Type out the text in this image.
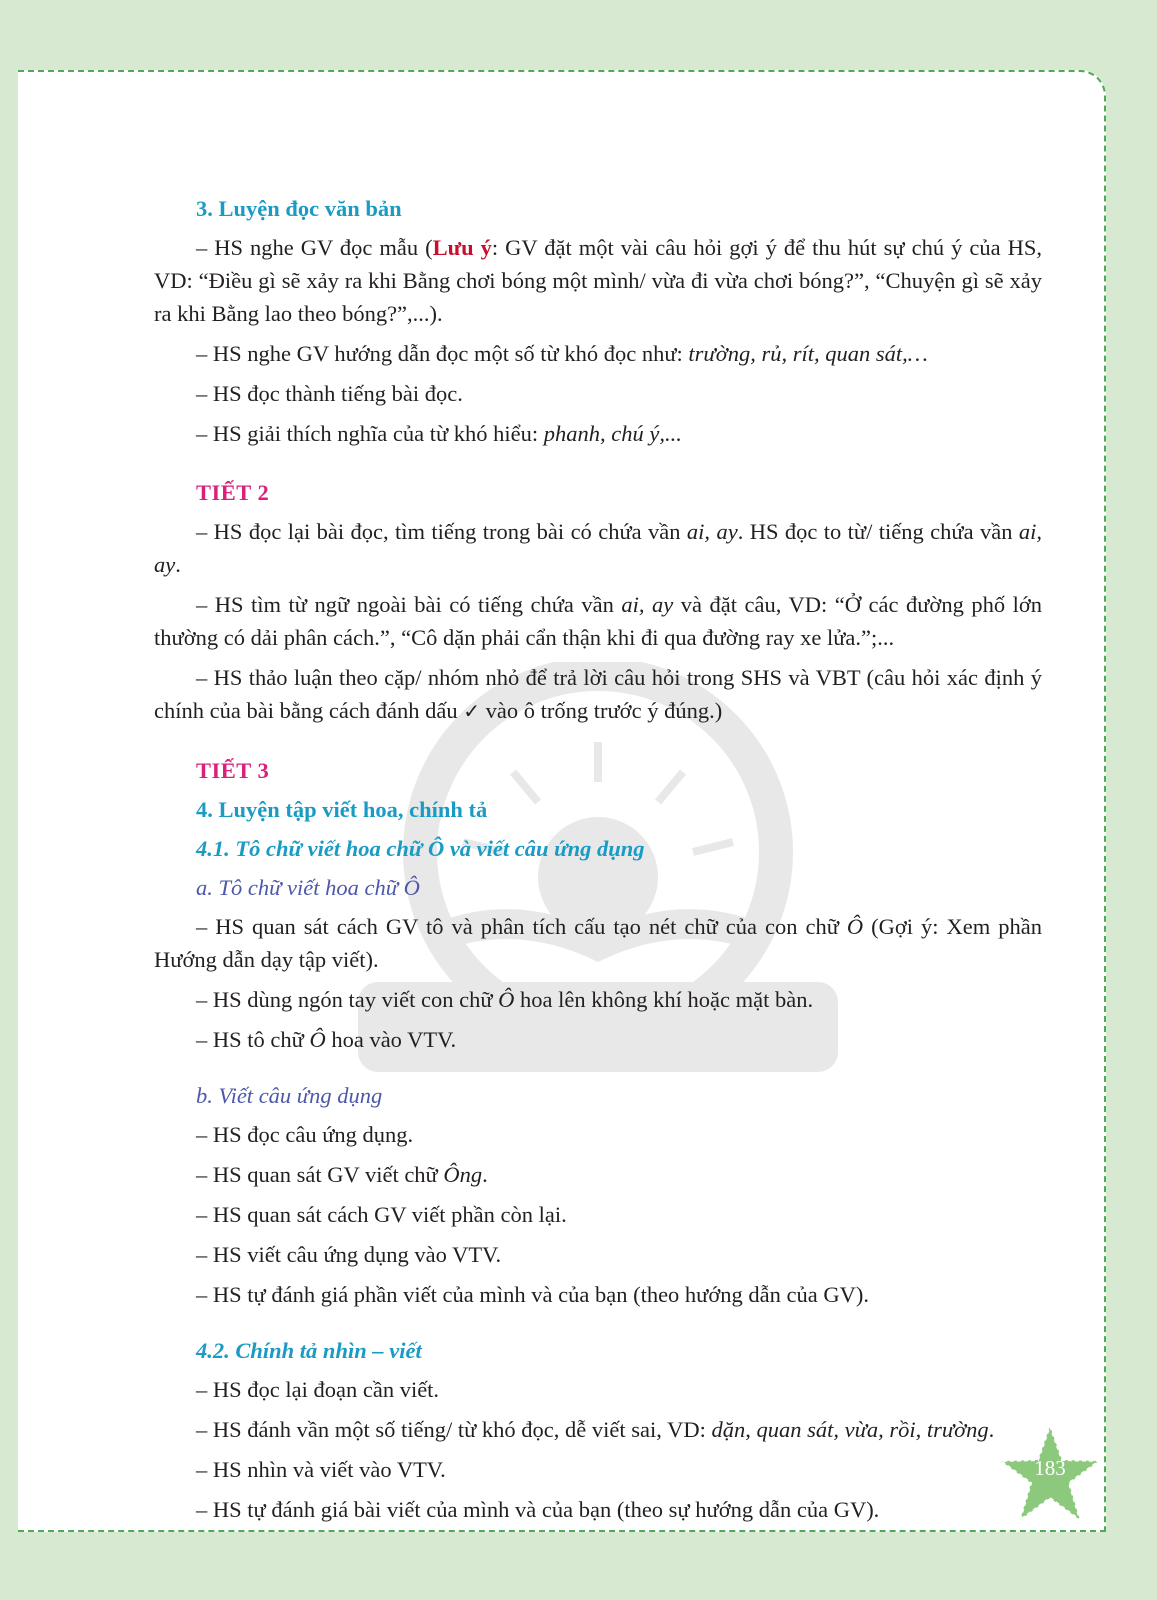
3. Luyện đọc văn bản

– HS nghe GV đọc mẫu (Lưu ý: GV đặt một vài câu hỏi gợi ý để thu hút sự chú ý của HS, VD: “Điều gì sẽ xảy ra khi Bằng chơi bóng một mình/ vừa đi vừa chơi bóng?”, “Chuyện gì sẽ xảy ra khi Bằng lao theo bóng?”,...).

– HS nghe GV hướng dẫn đọc một số từ khó đọc như: trường, rủ, rít, quan sát,…

– HS đọc thành tiếng bài đọc.

– HS giải thích nghĩa của từ khó hiểu: phanh, chú ý,...

TIẾT 2

– HS đọc lại bài đọc, tìm tiếng trong bài có chứa vần ai, ay. HS đọc to từ/ tiếng chứa vần ai, ay.

– HS tìm từ ngữ ngoài bài có tiếng chứa vần ai, ay và đặt câu, VD: “Ở các đường phố lớn thường có dải phân cách.”, “Cô dặn phải cẩn thận khi đi qua đường ray xe lửa.”;...

– HS thảo luận theo cặp/ nhóm nhỏ để trả lời câu hỏi trong SHS và VBT (câu hỏi xác định ý chính của bài bằng cách đánh dấu ✓ vào ô trống trước ý đúng.)

TIẾT 3
4. Luyện tập viết hoa, chính tả
4.1. Tô chữ viết hoa chữ Ô và viết câu ứng dụng
a. Tô chữ viết hoa chữ Ô

– HS quan sát cách GV tô và phân tích cấu tạo nét chữ của con chữ Ô (Gợi ý: Xem phần Hướng dẫn dạy tập viết).

– HS dùng ngón tay viết con chữ Ô hoa lên không khí hoặc mặt bàn.

– HS tô chữ Ô hoa vào VTV.

b. Viết câu ứng dụng

– HS đọc câu ứng dụng.

– HS quan sát GV viết chữ Ông.

– HS quan sát cách GV viết phần còn lại.

– HS viết câu ứng dụng vào VTV.

– HS tự đánh giá phần viết của mình và của bạn (theo hướng dẫn của GV).

4.2. Chính tả nhìn – viết

– HS đọc lại đoạn cần viết.

– HS đánh vần một số tiếng/ từ khó đọc, dễ viết sai, VD: dặn, quan sát, vừa, rồi, trường.

– HS nhìn và viết vào VTV.

– HS tự đánh giá bài viết của mình và của bạn (theo sự hướng dẫn của GV).

183
